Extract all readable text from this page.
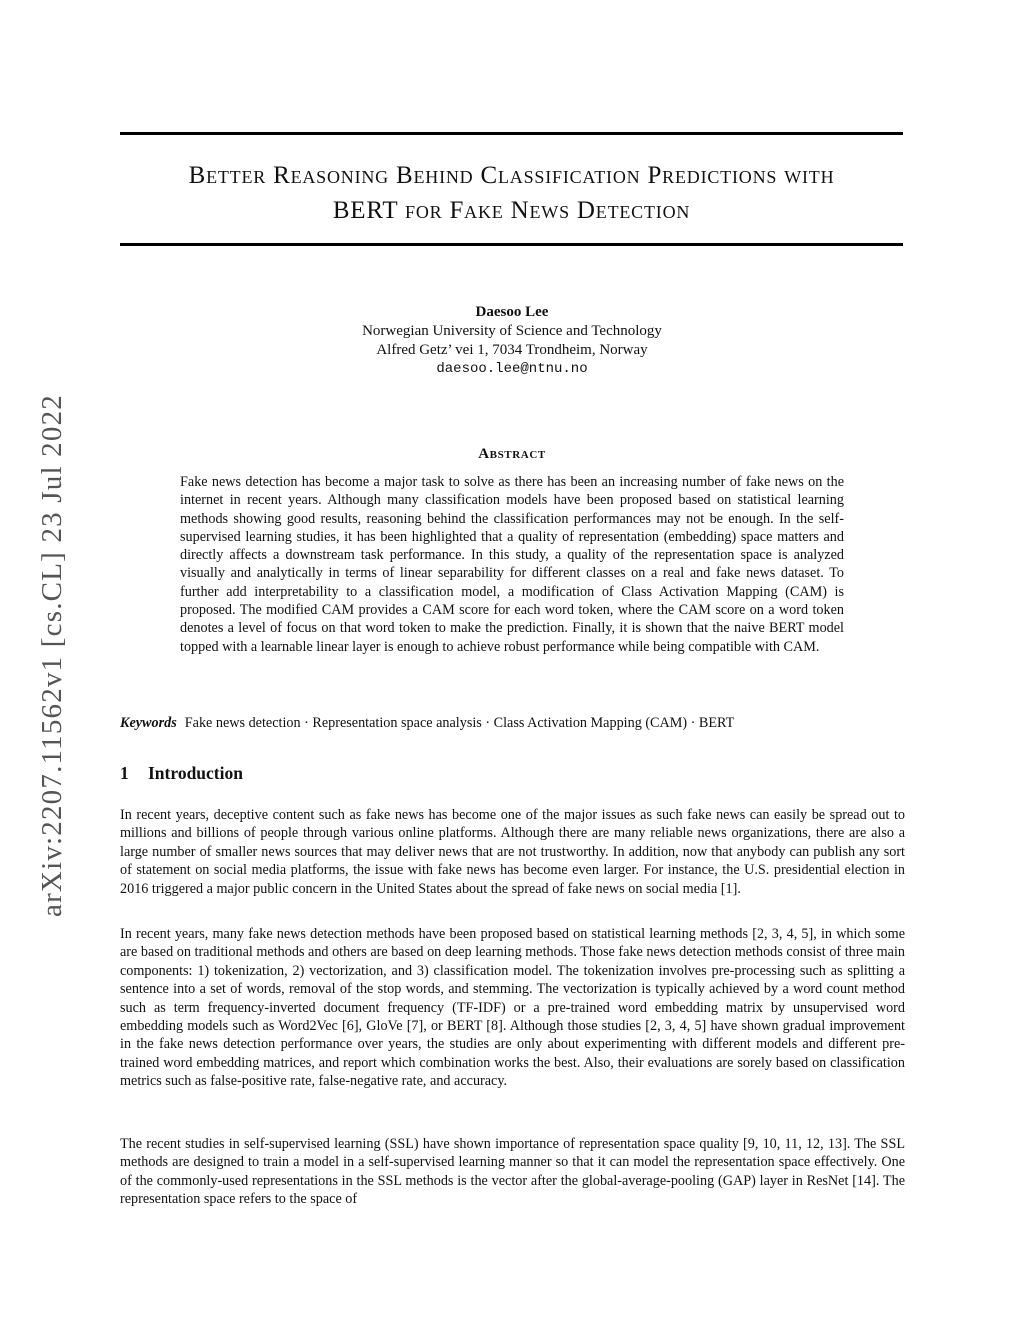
arXiv:2207.11562v1 [cs.CL] 23 Jul 2022
Better Reasoning Behind Classification Predictions with
BERT for Fake News Detection
Daesoo Lee
Norwegian University of Science and Technology
Alfred Getz’ vei 1, 7034 Trondheim, Norway
daesoo.lee@ntnu.no
Abstract

Fake news detection has become a major task to solve as there has been an increasing number of fake news on the internet in recent years. Although many classification models have been proposed based on statistical learning methods showing good results, reasoning behind the classification performances may not be enough. In the self-supervised learning studies, it has been highlighted that a quality of representation (embedding) space matters and directly affects a downstream task performance. In this study, a quality of the representation space is analyzed visually and analytically in terms of linear separability for different classes on a real and fake news dataset. To further add interpretability to a classification model, a modification of Class Activation Mapping (CAM) is proposed. The modified CAM provides a CAM score for each word token, where the CAM score on a word token denotes a level of focus on that word token to make the prediction. Finally, it is shown that the naive BERT model topped with a learnable linear layer is enough to achieve robust performance while being compatible with CAM.

Keywords Fake news detection · Representation space analysis · Class Activation Mapping (CAM) · BERT

1 Introduction

In recent years, deceptive content such as fake news has become one of the major issues as such fake news can easily be spread out to millions and billions of people through various online platforms. Although there are many reliable news organizations, there are also a large number of smaller news sources that may deliver news that are not trustworthy. In addition, now that anybody can publish any sort of statement on social media platforms, the issue with fake news has become even larger. For instance, the U.S. presidential election in 2016 triggered a major public concern in the United States about the spread of fake news on social media [1].

In recent years, many fake news detection methods have been proposed based on statistical learning methods [2, 3, 4, 5], in which some are based on traditional methods and others are based on deep learning methods. Those fake news detection methods consist of three main components: 1) tokenization, 2) vectorization, and 3) classification model. The tokenization involves pre-processing such as splitting a sentence into a set of words, removal of the stop words, and stemming. The vectorization is typically achieved by a word count method such as term frequency-inverted document frequency (TF-IDF) or a pre-trained word embedding matrix by unsupervised word embedding models such as Word2Vec [6], GloVe [7], or BERT [8]. Although those studies [2, 3, 4, 5] have shown gradual improvement in the fake news detection performance over years, the studies are only about experimenting with different models and different pre-trained word embedding matrices, and report which combination works the best. Also, their evaluations are sorely based on classification metrics such as false-positive rate, false-negative rate, and accuracy.

The recent studies in self-supervised learning (SSL) have shown importance of representation space quality [9, 10, 11, 12, 13]. The SSL methods are designed to train a model in a self-supervised learning manner so that it can model the representation space effectively. One of the commonly-used representations in the SSL methods is the vector after the global-average-pooling (GAP) layer in ResNet [14]. The representation space refers to the space of
